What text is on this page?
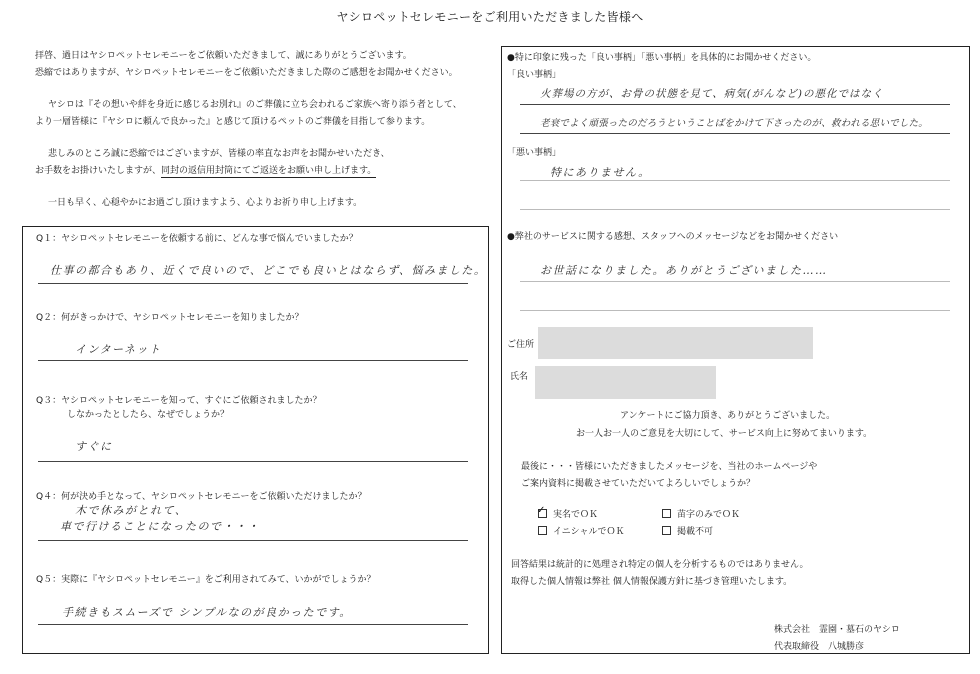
ヤシロペットセレモニーをご利用いただきました皆様へ
拝啓、過日はヤシロペットセレモニーをご依頼いただきまして、誠にありがとうございます。
恐縮ではありますが、ヤシロペットセレモニーをご依頼いただきました際のご感想をお聞かせください。
ヤシロは『その想いや絆を身近に感じるお別れ』のご葬儀に立ち会われるご家族へ寄り添う者として、
より一層皆様に『ヤシロに頼んで良かった』と感じて頂けるペットのご葬儀を目指して参ります。
悲しみのところ誠に恐縮ではございますが、皆様の率直なお声をお聞かせいただき、
お手数をお掛けいたしますが、同封の返信用封筒にてご返送をお願い申し上げます。
一日も早く、心穏やかにお過ごし頂けますよう、心よりお祈り申し上げます。
Q１：ヤシロペットセレモニーを依頼する前に、どんな事で悩んでいましたか？
仕事の都合もあり、近くで良いので、どこでも良いとはならず、悩みました。
Q２：何がきっかけで、ヤシロペットセレモニーを知りましたか？
インターネット
Q３：ヤシロペットセレモニーを知って、すぐにご依頼されましたか？
しなかったとしたら、なぜでしょうか？
すぐに
Q４：何が決め手となって、ヤシロペットセレモニーをご依頼いただけましたか？
木で休みがとれて、
車で行けることになったので・・・
Q５：実際に『ヤシロペットセレモニー』をご利用されてみて、いかがでしょうか？
手続きもスムーズで シンプルなのが良かったです。
●特に印象に残った「良い事柄」「悪い事柄」を具体的にお聞かせください。
「良い事柄」
火葬場の方が、お骨の状態を見て、病気(がんなど)の悪化ではなく
老衰でよく頑張ったのだろうということばをかけて下さったのが、救われる思いでした。
「悪い事柄」
特にありません。
●弊社のサービスに関する感想、スタッフへのメッセージなどをお聞かせください
お世話になりました。ありがとうございました……
ご住所
氏名
アンケートにご協力頂き、ありがとうございました。
お一人お一人のご意見を大切にして、サービス向上に努めてまいります。
最後に・・・皆様にいただきましたメッセージを、当社のホームページや
ご案内資料に掲載させていただいてよろしいでしょうか？
✓ 実名でＯＫ	苗字のみでＯＫ
イニシャルでＯＫ	掲載不可
回答結果は統計的に処理され特定の個人を分析するものではありません。
取得した個人情報は弊社 個人情報保護方針に基づき管理いたします。
株式会社　霊園・墓石のヤシロ
代表取締役　八城勝彦
